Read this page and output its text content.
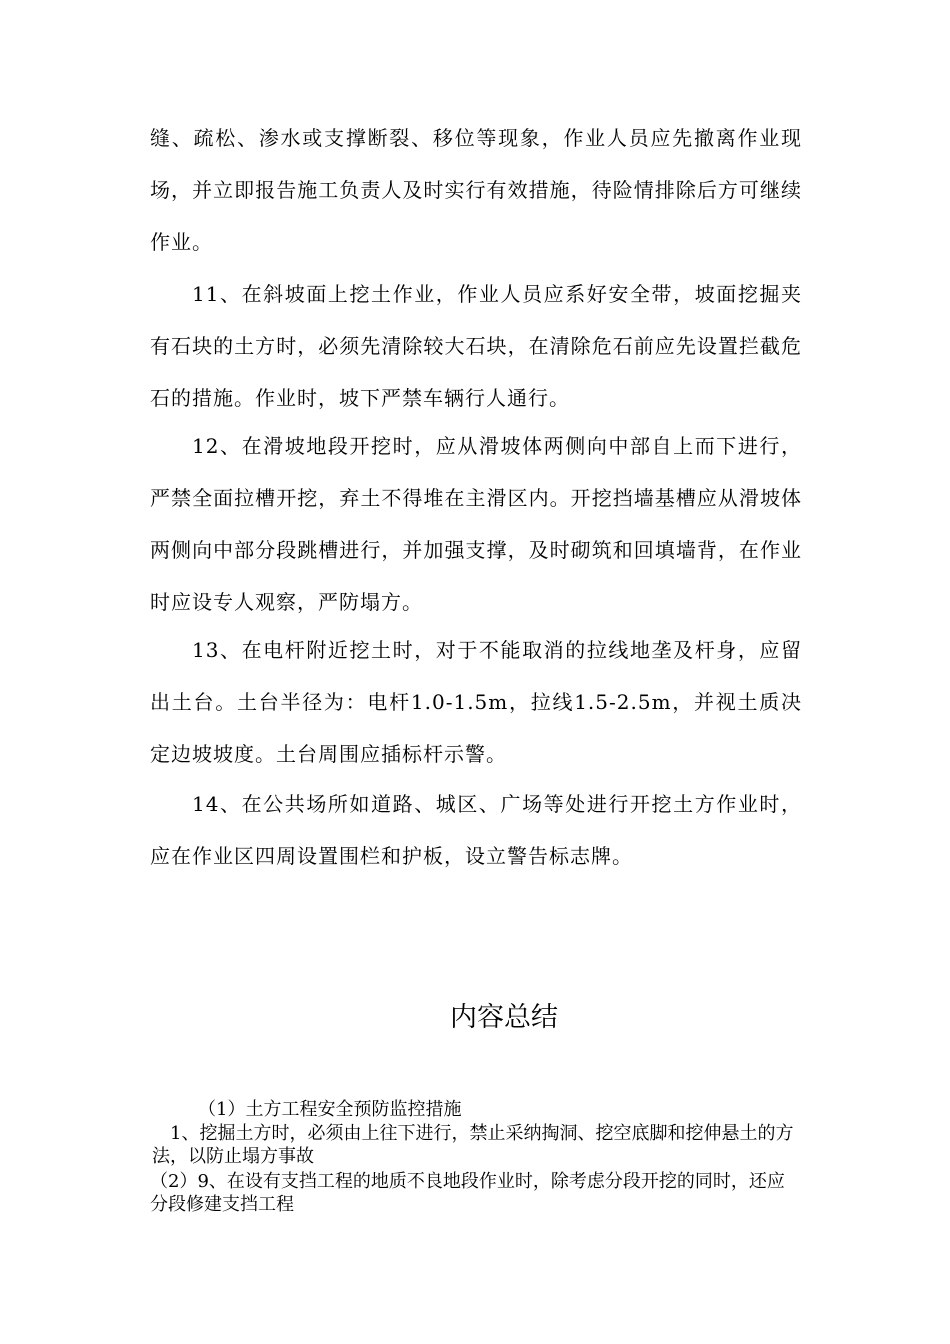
缝、疏松、渗水或支撑断裂、移位等现象，作业人员应先撤离作业现场，并立即报告施工负责人及时实行有效措施，待险情排除后方可继续作业。

11、在斜坡面上挖土作业，作业人员应系好安全带，坡面挖掘夹有石块的土方时，必须先清除较大石块，在清除危石前应先设置拦截危石的措施。作业时，坡下严禁车辆行人通行。

12、在滑坡地段开挖时，应从滑坡体两侧向中部自上而下进行，严禁全面拉槽开挖，弃土不得堆在主滑区内。开挖挡墙基槽应从滑坡体两侧向中部分段跳槽进行，并加强支撑，及时砌筑和回填墙背，在作业时应设专人观察，严防塌方。

13、在电杆附近挖土时，对于不能取消的拉线地垄及杆身，应留出土台。土台半径为：电杆1.0-1.5m，拉线1.5-2.5m，并视土质决定边坡坡度。土台周围应插标杆示警。

14、在公共场所如道路、城区、广场等处进行开挖土方作业时，应在作业区四周设置围栏和护板，设立警告标志牌。

内容总结

（1）土方工程安全预防监控措施

1、挖掘土方时，必须由上往下进行，禁止采纳掏洞、挖空底脚和挖伸悬土的方法，以防止塌方事故

（2）9、在设有支挡工程的地质不良地段作业时，除考虑分段开挖的同时，还应分段修建支挡工程
